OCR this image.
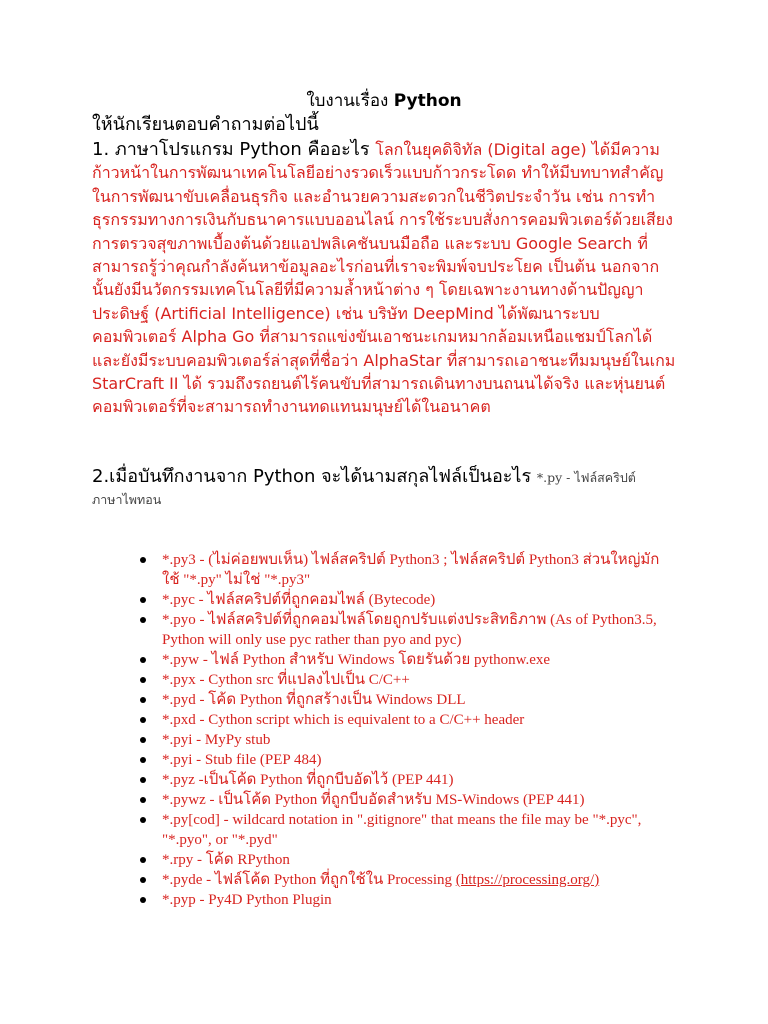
ใบงานเรื่อง Python
ให้นักเรียนตอบคำถามต่อไปนี้
1. ภาษาโปรแกรม Python คืออะไร โลกในยุคดิจิทัล (Digital age) ได้มีความก้าวหน้าในการพัฒนาเทคโนโลยีอย่างรวดเร็วแบบก้าวกระโดด ทำให้มีบทบาทสำคัญในการพัฒนาขับเคลื่อนธุรกิจ และอำนวยความสะดวกในชีวิตประจำวัน เช่น การทำธุรกรรมทางการเงินกับธนาคารแบบออนไลน์ การใช้ระบบสั่งการคอมพิวเตอร์ด้วยเสียง การตรวจสุขภาพเบื้องต้นด้วยแอปพลิเคชันบนมือถือ และระบบ Google Search ที่สามารถรู้ว่าคุณกำลังค้นหาข้อมูลอะไรก่อนที่เราจะพิมพ์จบประโยค เป็นต้น นอกจากนั้นยังมีนวัตกรรมเทคโนโลยีที่มีความล้ำหน้าต่าง ๆ โดยเฉพาะงานทางด้านปัญญาประดิษฐ์ (Artificial Intelligence) เช่น บริษัท DeepMind ได้พัฒนาระบบคอมพิวเตอร์ Alpha Go ที่สามารถแข่งขันเอาชนะเกมหมากล้อมเหนือแชมป์โลกได้ และยังมีระบบคอมพิวเตอร์ล่าสุดที่ชื่อว่า AlphaStar ที่สามารถเอาชนะทีมมนุษย์ในเกม StarCraft II ได้ รวมถึงรถยนต์ไร้คนขับที่สามารถเดินทางบนถนนได้จริง และหุ่นยนต์คอมพิวเตอร์ที่จะสามารถทำงานทดแทนมนุษย์ได้ในอนาคต
2.เมื่อบันทึกงานจาก Python จะได้นามสกุลไฟล์เป็นอะไร *.py - ไฟล์สคริปต์
ภาษาไพทอน
*.py3 - (ไม่ค่อยพบเห็น) ไฟล์สคริปต์ Python3 ; ไฟล์สคริปต์ Python3 ส่วนใหญ่มักใช้ "*.py" ไม่ใช่ "*.py3"
*.pyc - ไฟล์สคริปต์ที่ถูกคอมไพล์ (Bytecode)
*.pyo - ไฟล์สคริปต์ที่ถูกคอมไพล์โดยถูกปรับแต่งประสิทธิภาพ (As of Python3.5, Python will only use pyc rather than pyo and pyc)
*.pyw - ไฟล์ Python สำหรับ Windows โดยรันด้วย pythonw.exe
*.pyx - Cython src ที่แปลงไปเป็น C/C++
*.pyd - โค้ด Python ที่ถูกสร้างเป็น Windows DLL
*.pxd - Cython script which is equivalent to a C/C++ header
*.pyi - MyPy stub
*.pyi - Stub file (PEP 484)
*.pyz -เป็นโค้ด Python ที่ถูกบีบอัดไว้ (PEP 441)
*.pywz - เป็นโค้ด Python ที่ถูกบีบอัดสำหรับ MS-Windows (PEP 441)
*.py[cod] - wildcard notation in ".gitignore" that means the file may be "*.pyc", "*.pyo", or "*.pyd"
*.rpy - โค้ด RPython
*.pyde - ไฟล์โค้ด Python ที่ถูกใช้ใน Processing (https://processing.org/)
*.pyp - Py4D Python Plugin
